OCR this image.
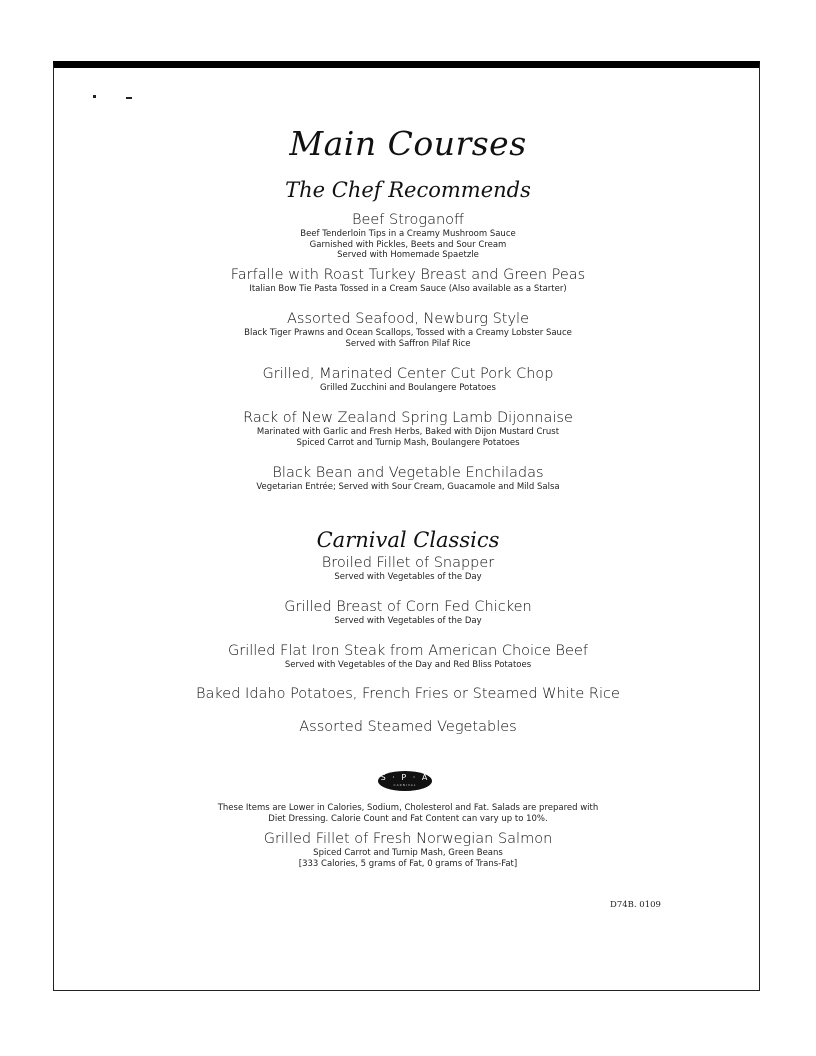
Main Courses
The Chef Recommends
Beef Stroganoff
Beef Tenderloin Tips in a Creamy Mushroom Sauce
Garnished with Pickles, Beets and Sour Cream
Served with Homemade Spaetzle
Farfalle with Roast Turkey Breast and Green Peas
Italian Bow Tie Pasta Tossed in a Cream Sauce (Also available as a Starter)
Assorted Seafood, Newburg Style
Black Tiger Prawns and Ocean Scallops, Tossed with a Creamy Lobster Sauce
Served with Saffron Pilaf Rice
Grilled, Marinated Center Cut Pork Chop
Grilled Zucchini and Boulangere Potatoes
Rack of New Zealand Spring Lamb Dijonnaise
Marinated with Garlic and Fresh Herbs, Baked with Dijon Mustard Crust
Spiced Carrot and Turnip Mash, Boulangere Potatoes
Black Bean and Vegetable Enchiladas
Vegetarian Entrée; Served with Sour Cream, Guacamole and Mild Salsa
Carnival Classics
Broiled Fillet of Snapper
Served with Vegetables of the Day
Grilled Breast of Corn Fed Chicken
Served with Vegetables of the Day
Grilled Flat Iron Steak from American Choice Beef
Served with Vegetables of the Day and Red Bliss Potatoes
Baked Idaho Potatoes, French Fries or Steamed White Rice
Assorted Steamed Vegetables
S · P · A
CARNIVAL
These Items are Lower in Calories, Sodium, Cholesterol and Fat. Salads are prepared with
Diet Dressing. Calorie Count and Fat Content can vary up to 10%.
Grilled Fillet of Fresh Norwegian Salmon
Spiced Carrot and Turnip Mash, Green Beans
[333 Calories, 5 grams of Fat, 0 grams of Trans-Fat]
D74B. 0109
